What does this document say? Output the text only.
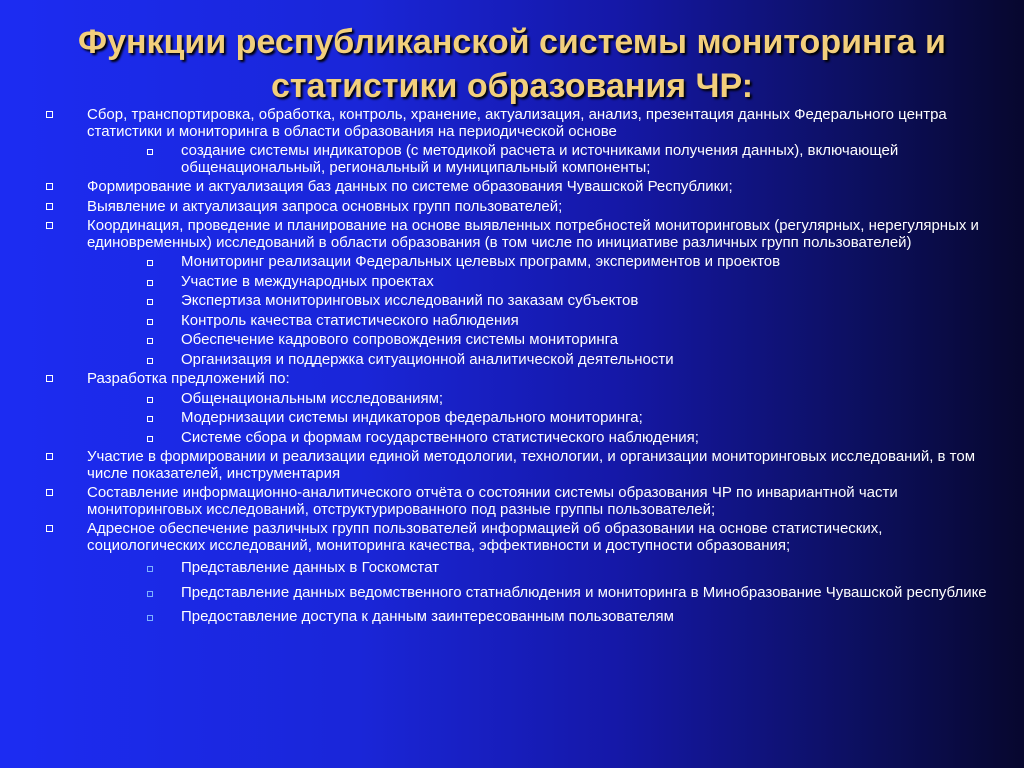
Функции республиканской системы мониторинга и
статистики образования ЧР:
Сбор, транспортировка, обработка, контроль, хранение, актуализация, анализ, презентация данных Федерального центра статистики и мониторинга в области образования на периодической основе
создание системы индикаторов (с методикой расчета и источниками получения данных), включающей общенациональный, региональный и муниципальный компоненты;
Формирование и актуализация баз данных по системе образования Чувашской Республики;
Выявление и актуализация запроса основных групп пользователей;
Координация, проведение и планирование на основе выявленных потребностей мониторинговых (регулярных, нерегулярных и единовременных) исследований в области образования (в том числе по инициативе различных групп пользователей)
Мониторинг реализации Федеральных целевых программ, экспериментов и проектов
Участие в международных проектах
Экспертиза мониторинговых исследований по заказам субъектов
Контроль качества статистического наблюдения
Обеспечение кадрового сопровождения системы мониторинга
Организация и поддержка ситуационной аналитической деятельности
Разработка предложений по:
Общенациональным исследованиям;
Модернизации системы индикаторов федерального мониторинга;
Системе сбора и формам государственного статистического наблюдения;
Участие в формировании и реализации единой методологии, технологии, и организации мониторинговых исследований, в том числе показателей, инструментария
Составление информационно-аналитического отчёта о состоянии системы образования ЧР по инвариантной части мониторинговых исследований, отструктурированного под разные группы пользователей;
Адресное обеспечение различных групп пользователей информацией об образовании на основе статистических, социологических исследований, мониторинга качества, эффективности и доступности образования;
Представление данных в Госкомстат
Представление данных ведомственного статнаблюдения и мониторинга в Минобразование Чувашской республике
Предоставление доступа к данным заинтересованным пользователям
